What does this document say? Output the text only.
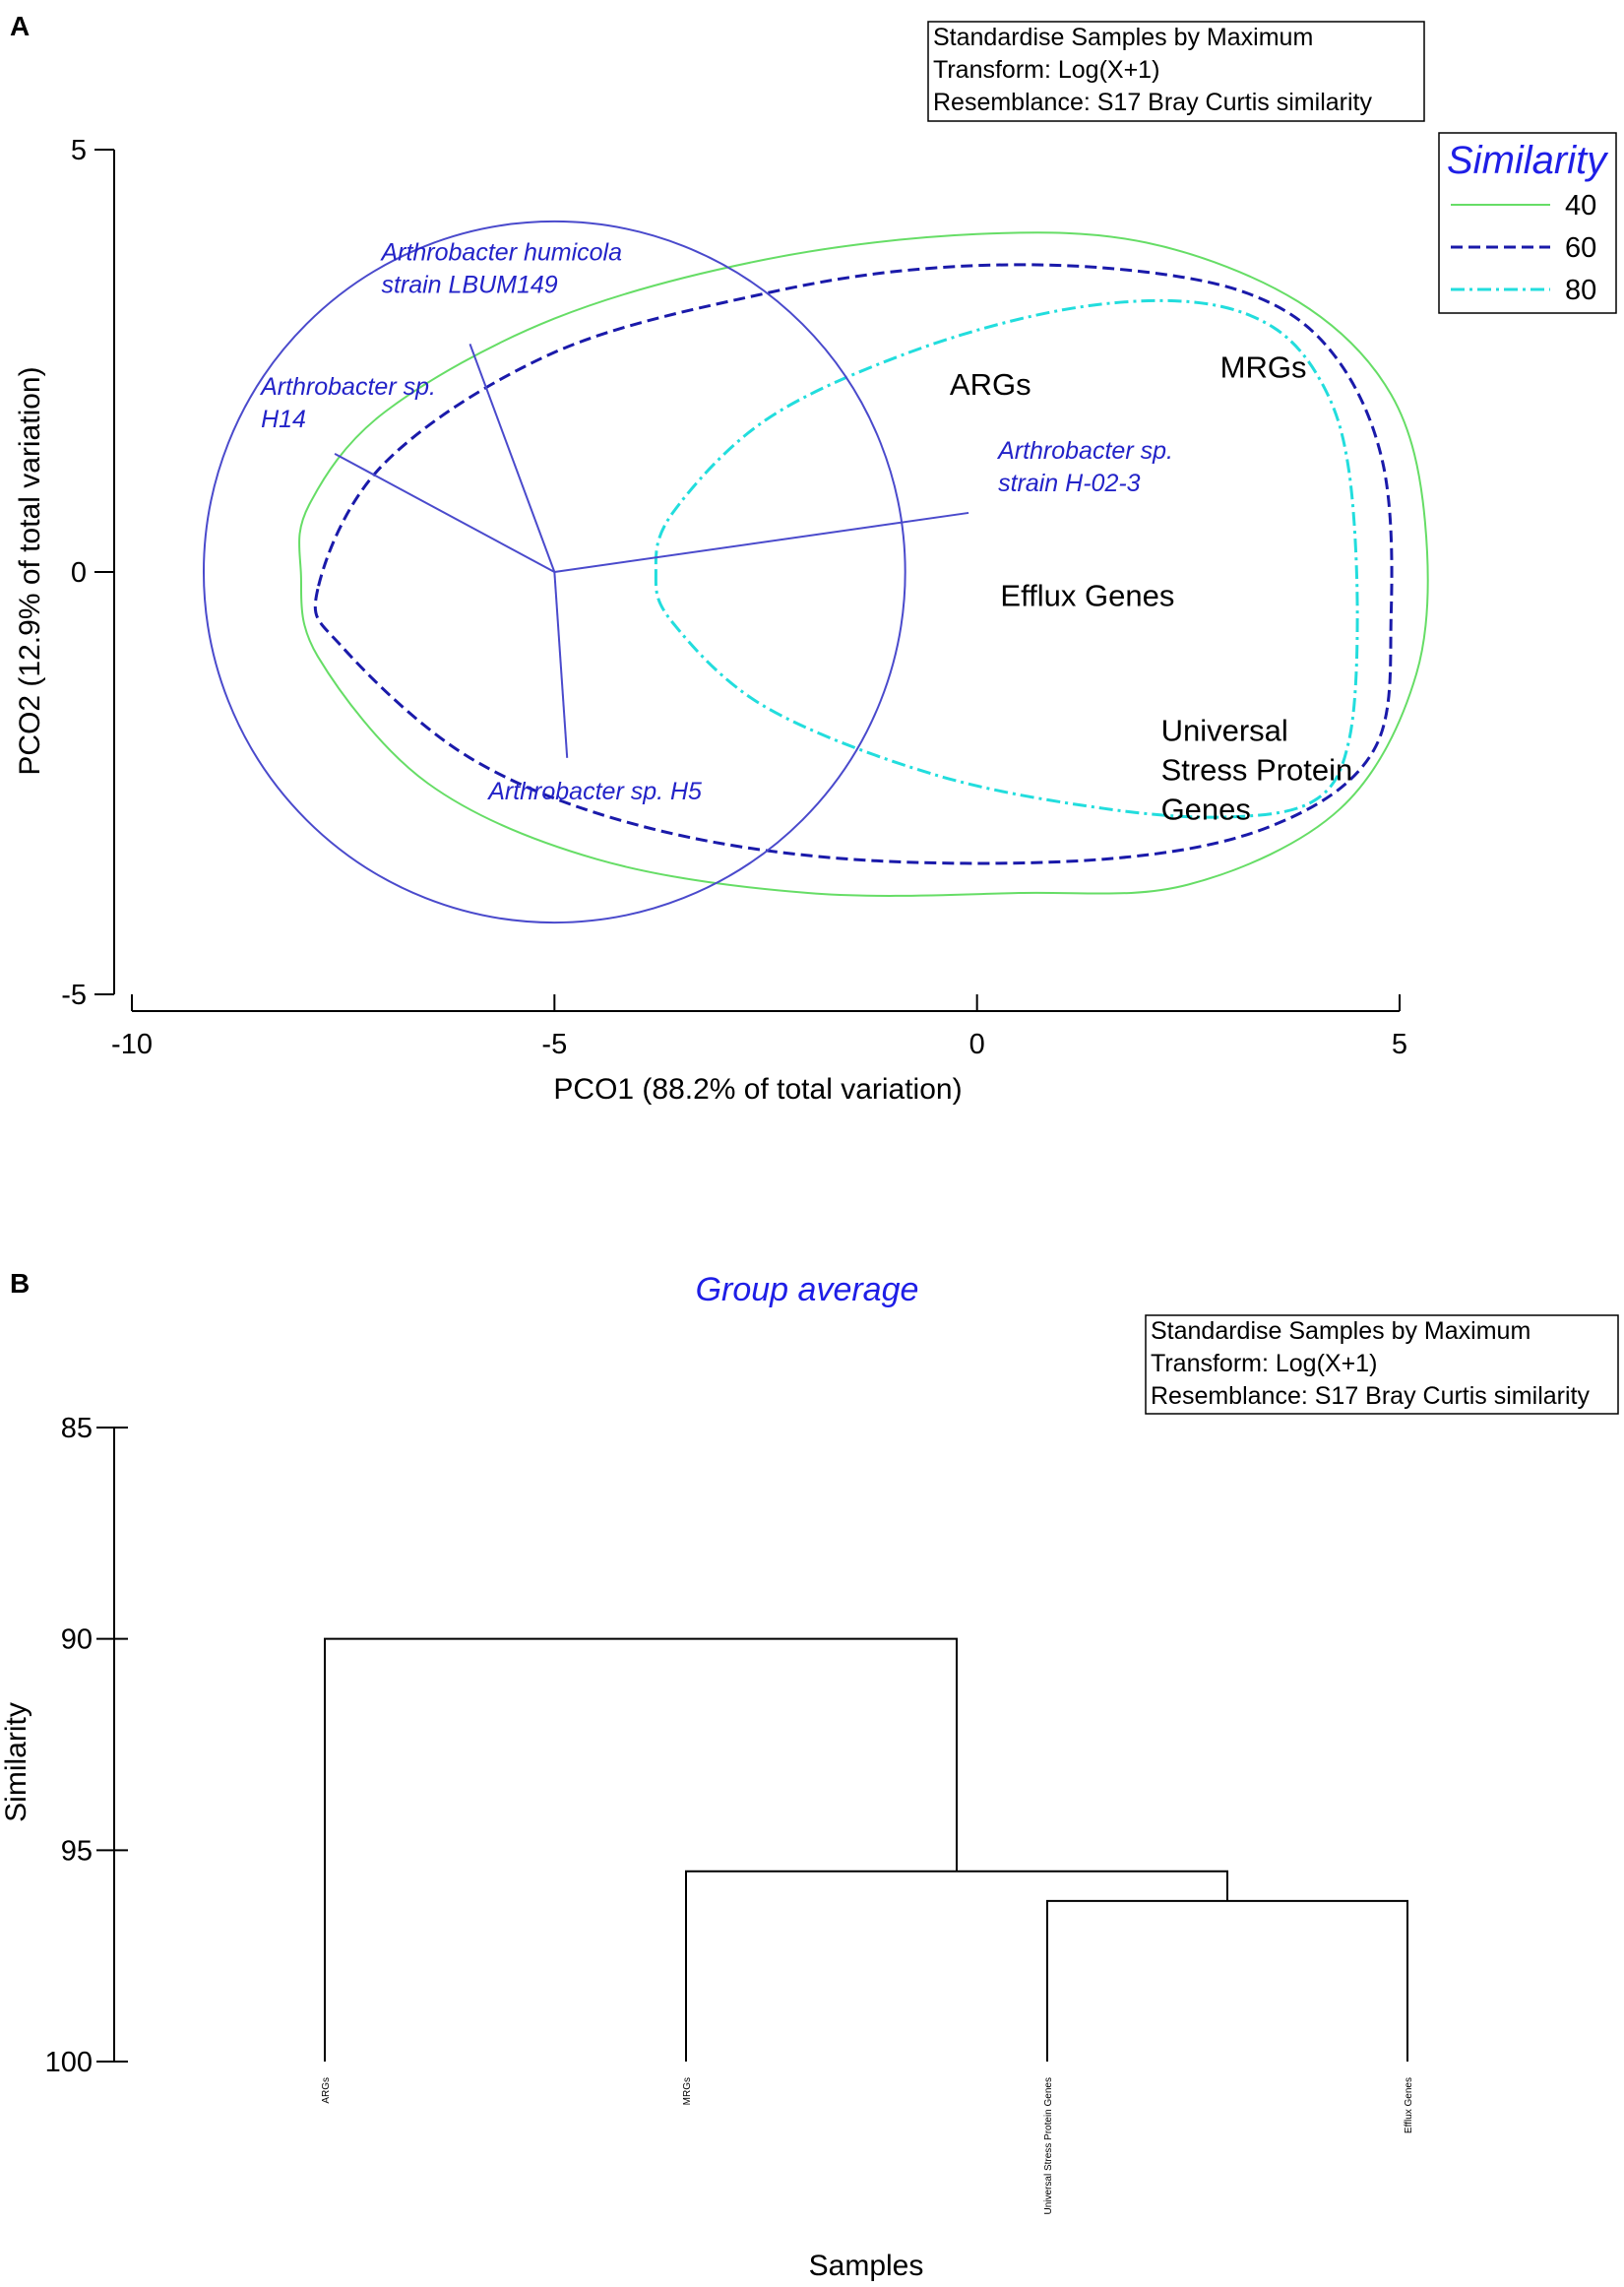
A	Standardise Samples by Maximum
Transform: Log(X+1)
Resemblance: S17 Bray Curtis similarity
Similarity
40
60
80
-5
0
5
-10	-5	0	5
PCO1 (88.2% of total variation)
PCO2 (12.9% of total variation)
Arthrobacter humicola strain LBUM149
Arthrobacter sp. H14
Arthrobacter sp. strain H-02-3
Arthrobacter sp. H5
ARGs	MRGs
Efflux Genes
Universal Stress Protein Genes
B	Group average
Standardise Samples by Maximum
Transform: Log(X+1)
Resemblance: S17 Bray Curtis similarity
85
90
95
100
Samples
Similarity
ARGs	MRGs	Universal Stress Protein Genes	Efflux Genes
